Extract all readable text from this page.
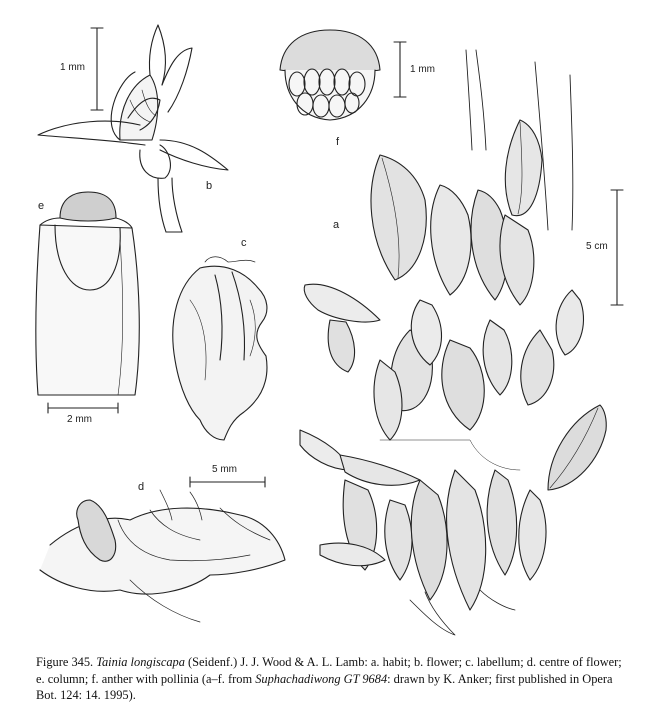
b
f
e
c
a
d
1 mm	1 mm
5 cm
2 mm
5 mm
Figure 345. Tainia longiscapa (Seidenf.) J. J. Wood & A. L. Lamb: a. habit; b. flower; c. labellum; d. centre of flower; e. column; f. anther with pollinia (a–f. from Suphachadiwong GT 9684: drawn by K. Anker; first published in Opera Bot. 124: 14. 1995).
